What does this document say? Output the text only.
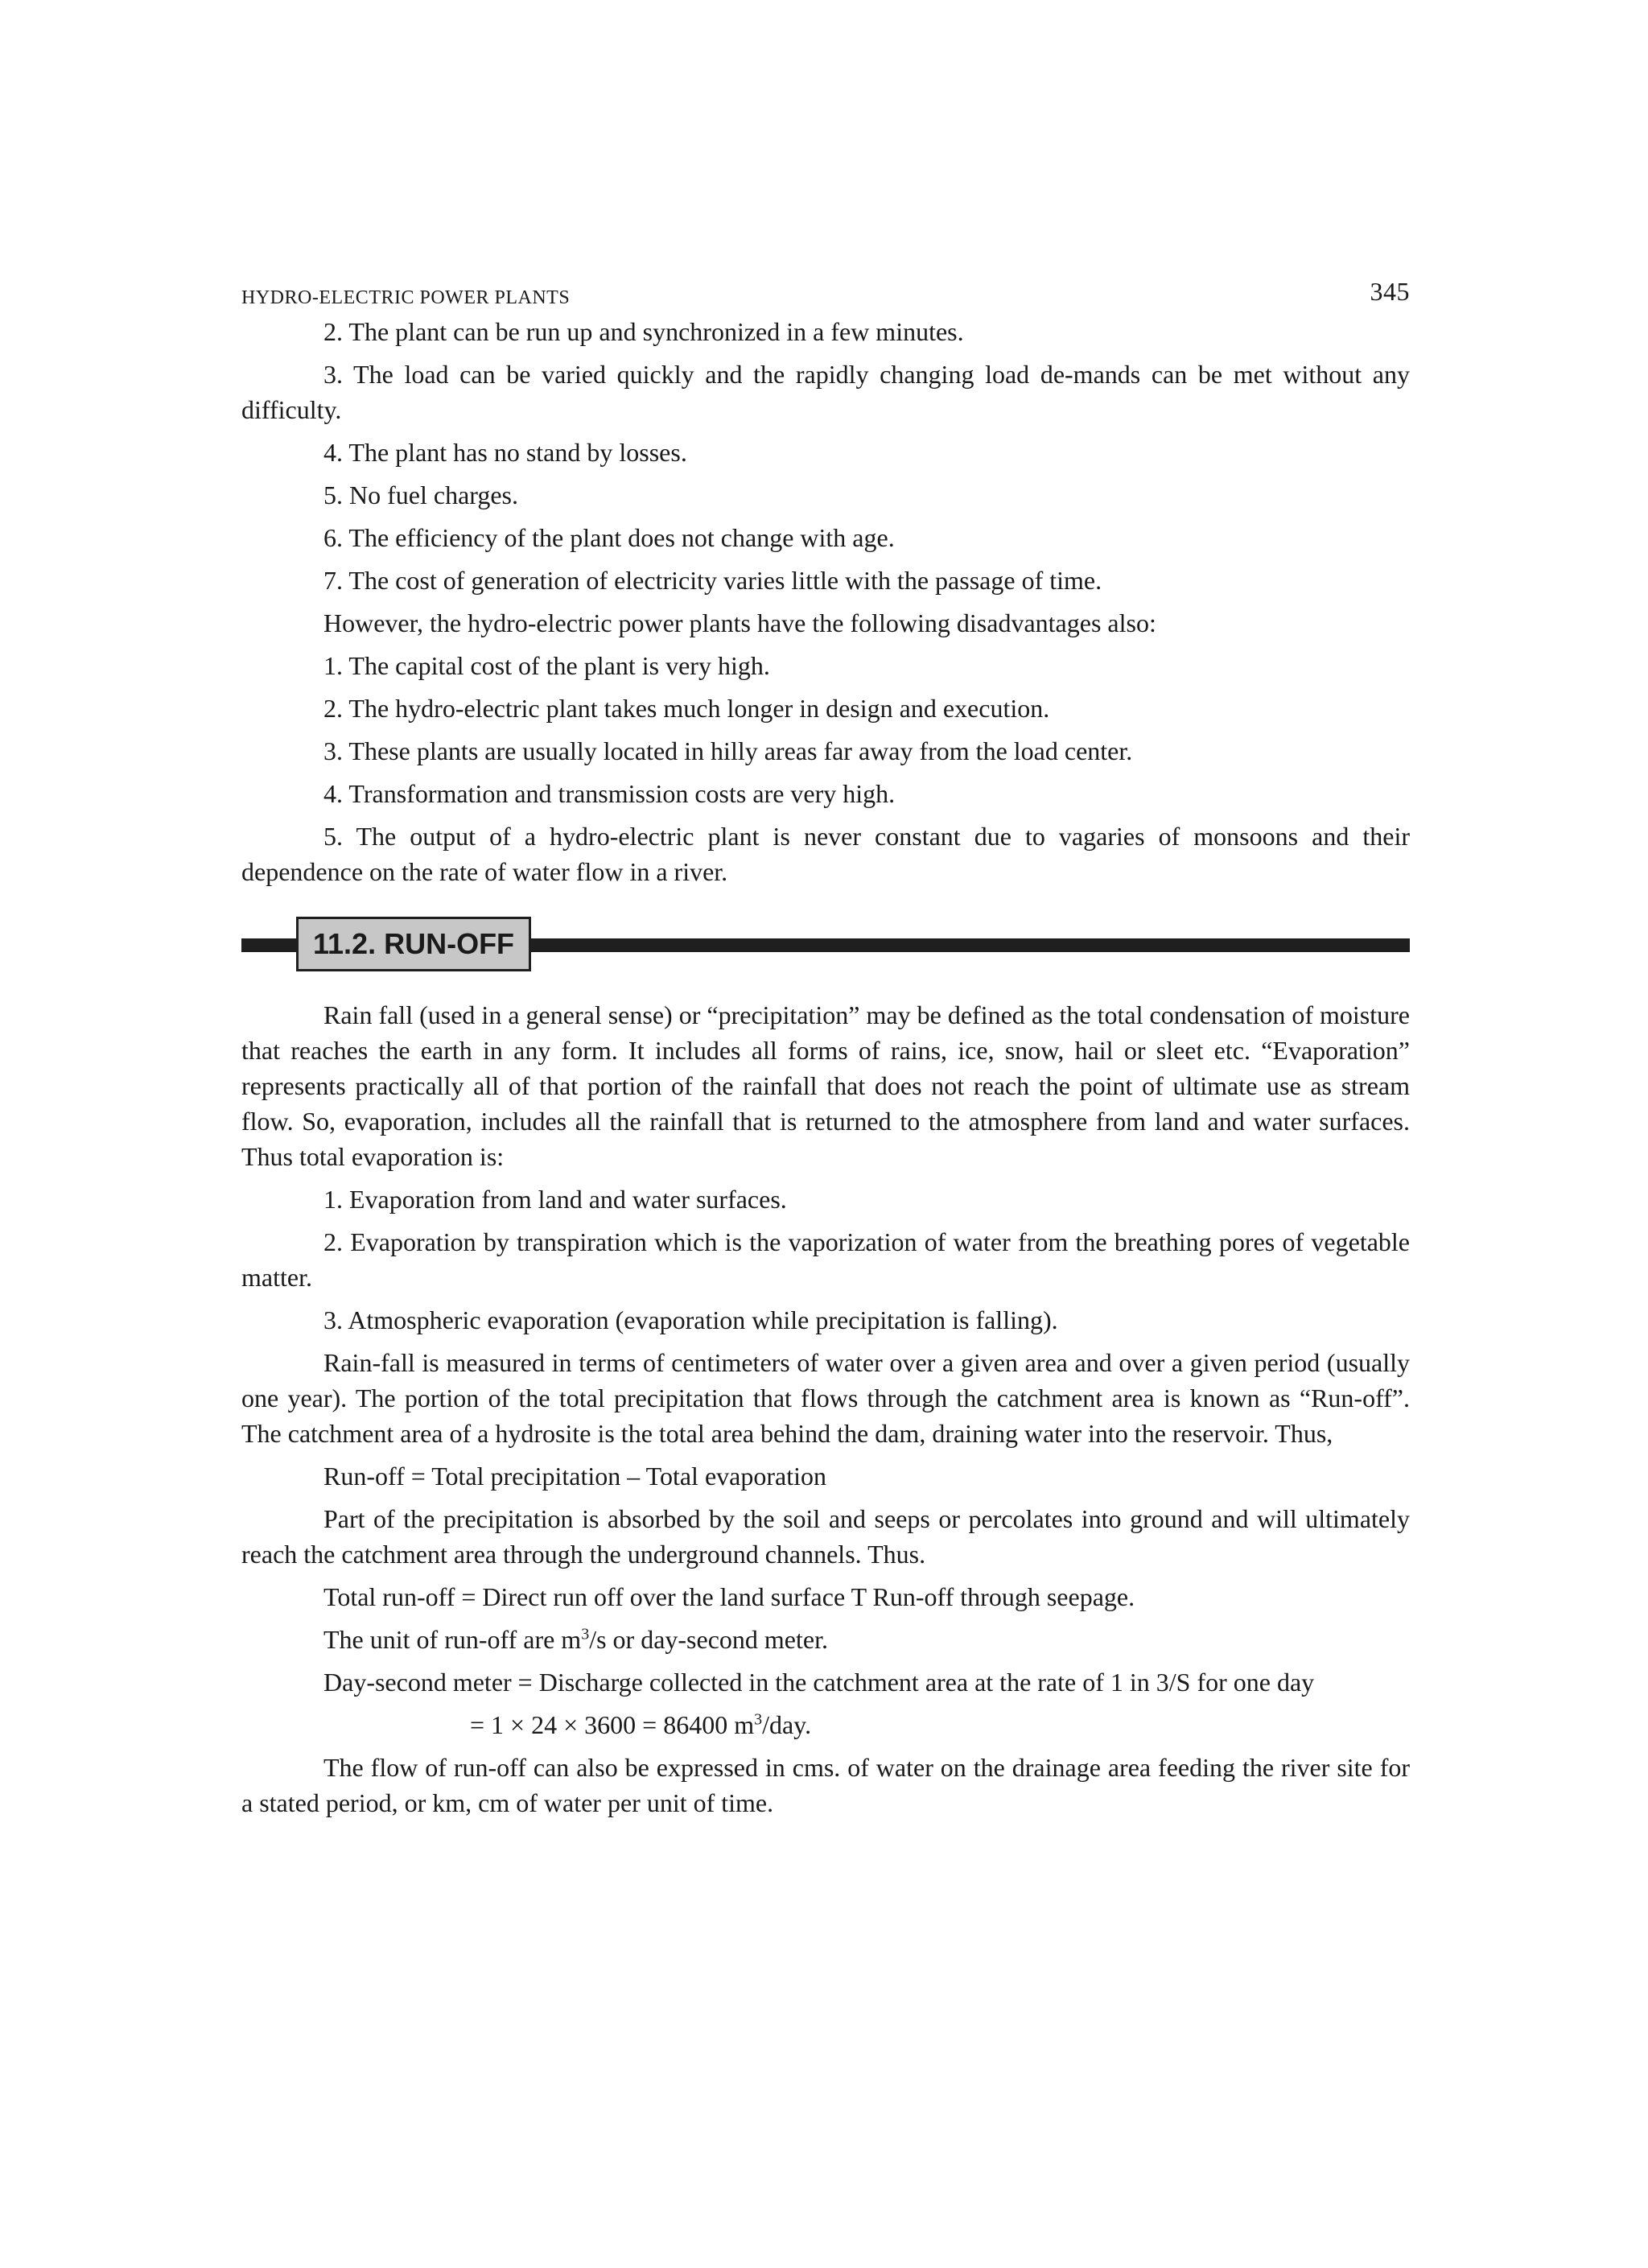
HYDRO-ELECTRIC POWER PLANTS	345

2. The plant can be run up and synchronized in a few minutes.

3. The load can be varied quickly and the rapidly changing load de-mands can be met without any difficulty.

4. The plant has no stand by losses.

5. No fuel charges.

6. The efficiency of the plant does not change with age.

7. The cost of generation of electricity varies little with the passage of time.

However, the hydro-electric power plants have the following disadvantages also:

1. The capital cost of the plant is very high.

2. The hydro-electric plant takes much longer in design and execution.

3. These plants are usually located in hilly areas far away from the load center.

4. Transformation and transmission costs are very high.

5. The output of a hydro-electric plant is never constant due to vagaries of monsoons and their dependence on the rate of water flow in a river.

11.2. RUN-OFF

Rain fall (used in a general sense) or “precipitation” may be defined as the total condensation of moisture that reaches the earth in any form. It includes all forms of rains, ice, snow, hail or sleet etc. “Evaporation” represents practically all of that portion of the rainfall that does not reach the point of ultimate use as stream flow. So, evaporation, includes all the rainfall that is returned to the atmosphere from land and water surfaces. Thus total evaporation is:

1. Evaporation from land and water surfaces.

2. Evaporation by transpiration which is the vaporization of water from the breathing pores of vegetable matter.

3. Atmospheric evaporation (evaporation while precipitation is falling).

Rain-fall is measured in terms of centimeters of water over a given area and over a given period (usually one year). The portion of the total precipitation that flows through the catchment area is known as “Run-off”. The catchment area of a hydrosite is the total area behind the dam, draining water into the reservoir. Thus,

Run-off = Total precipitation – Total evaporation

Part of the precipitation is absorbed by the soil and seeps or percolates into ground and will ultimately reach the catchment area through the underground channels. Thus.

Total run-off = Direct run off over the land surface T Run-off through seepage.

The unit of run-off are $m^3/s$ or day-second meter.

Day-second meter = Discharge collected in the catchment area at the rate of 1 in 3/S for one day

= 1 × 24 × 3600 = 86400 $m^3$/day.

The flow of run-off can also be expressed in cms. of water on the drainage area feeding the river site for a stated period, or km, cm of water per unit of time.
